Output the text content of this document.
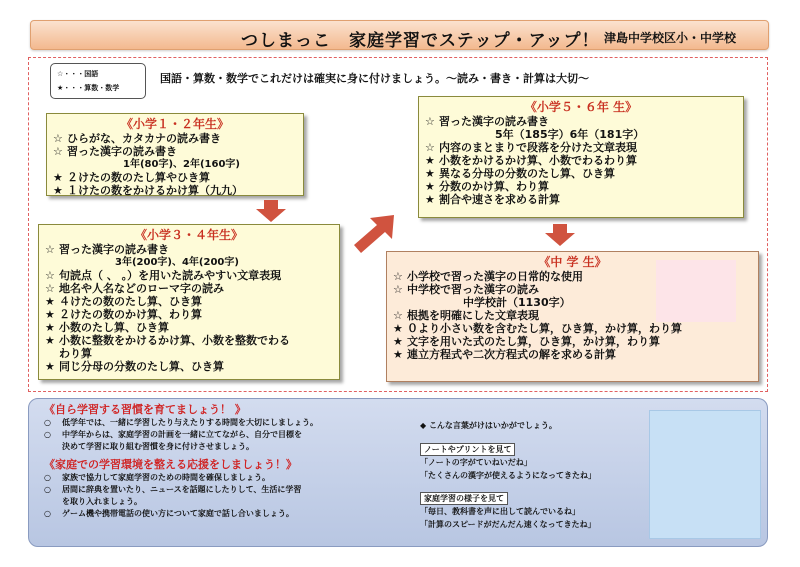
つしまっこ　家庭学習でステップ・アップ！ 津島中学校区小・中学校
☆・・・国語
★・・・算数・数学
国語・算数・数学でこれだけは確実に身に付けましょう。～読み・書き・計算は大切～
《小学１・２年生》
☆ ひらがな、カタカナの読み書き
☆ 習った漢字の読み書き
1年(80字)、2年(160字)
★ ２けたの数のたし算やひき算
★ １けたの数をかけるかけ算（九九）
《小学３・４年生》
☆ 習った漢字の読み書き
3年(200字)、4年(200字)
☆ 句読点（ 、 。）を用いた読みやすい文章表現
☆ 地名や人名などのローマ字の読み
★ ４けたの数のたし算、ひき算
★ ２けたの数のかけ算、わり算
★ 小数のたし算、ひき算
★ 小数に整数をかけるかけ算、小数を整数でわる
わり算
★ 同じ分母の分数のたし算、ひき算
《小学５・６年 生》
☆ 習った漢字の読み書き
5年（185字）6年（181字）
☆ 内容のまとまりで段落を分けた文章表現
★ 小数をかけるかけ算、小数でわるわり算
★ 異なる分母の分数のたし算、ひき算
★ 分数のかけ算、わり算
★ 割合や速さを求める計算
《中 学 生》
☆ 小学校で習った漢字の日常的な使用
☆ 中学校で習った漢字の読み
中学校計（1130字）
☆ 根拠を明確にした文章表現
★ ０より小さい数を含むたし算，ひき算，かけ算，わり算
★ 文字を用いた式のたし算，ひき算，かけ算，わり算
★ 連立方程式や二次方程式の解を求める計算
《自ら学習する習慣を育てましょう！ 》
○ 低学年では、一緒に学習したり与えたりする時間を大切にしましょう。
○ 中学年からは、家庭学習の計画を一緒に立てながら、自分で目標を
決めて学習に取り組む習慣を身に付けさせましょう。
《家庭での学習環境を整える応援をしましょう！》
○ 家族で協力して家庭学習のための時間を確保しましょう。
○ 居間に辞典を置いたり、ニュースを話題にしたりして、生活に学習
を取り入れましょう。
○ ゲーム機や携帯電話の使い方について家庭で話し合いましょう。
◆ こんな言葉がけはいかがでしょう。
ノートやプリントを見て
「ノートの字がていねいだね」
「たくさんの漢字が使えるようになってきたね」
家庭学習の様子を見て
「毎日、教科書を声に出して読んでいるね」
「計算のスピードがだんだん速くなってきたね」
